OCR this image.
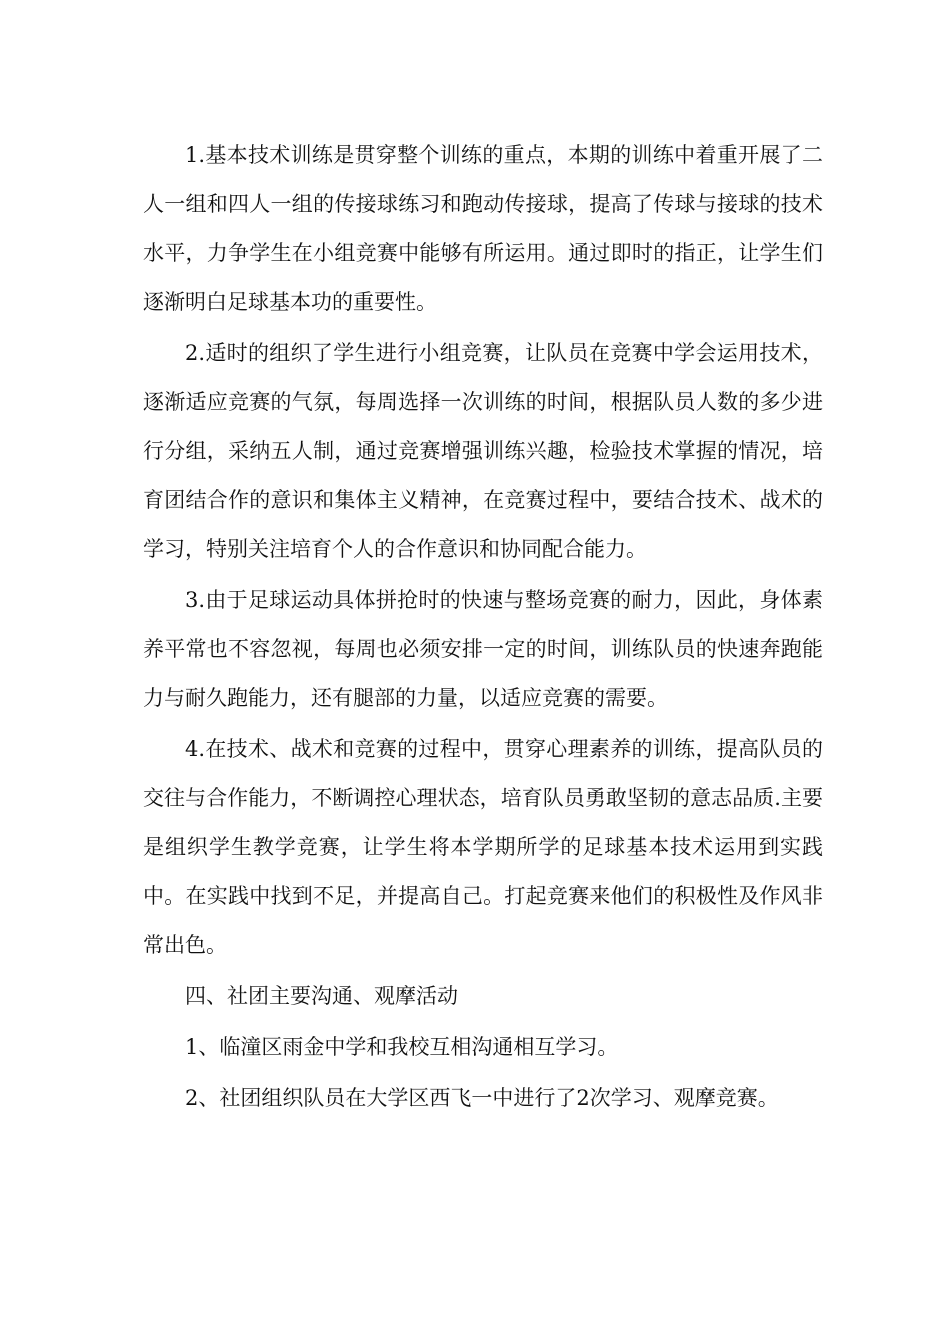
1.基本技术训练是贯穿整个训练的重点，本期的训练中着重开展了二人一组和四人一组的传接球练习和跑动传接球，提高了传球与接球的技术水平，力争学生在小组竞赛中能够有所运用。通过即时的指正，让学生们逐渐明白足球基本功的重要性。

2.适时的组织了学生进行小组竞赛，让队员在竞赛中学会运用技术，逐渐适应竞赛的气氛，每周选择一次训练的时间，根据队员人数的多少进行分组，采纳五人制，通过竞赛增强训练兴趣，检验技术掌握的情况，培育团结合作的意识和集体主义精神，在竞赛过程中，要结合技术、战术的学习，特别关注培育个人的合作意识和协同配合能力。

3.由于足球运动具体拼抢时的快速与整场竞赛的耐力，因此，身体素养平常也不容忽视，每周也必须安排一定的时间，训练队员的快速奔跑能力与耐久跑能力，还有腿部的力量，以适应竞赛的需要。

4.在技术、战术和竞赛的过程中，贯穿心理素养的训练，提高队员的交往与合作能力，不断调控心理状态，培育队员勇敢坚韧的意志品质.主要是组织学生教学竞赛，让学生将本学期所学的足球基本技术运用到实践中。在实践中找到不足，并提高自己。打起竞赛来他们的积极性及作风非常出色。

四、社团主要沟通、观摩活动

1、临潼区雨金中学和我校互相沟通相互学习。

2、社团组织队员在大学区西飞一中进行了2次学习、观摩竞赛。
